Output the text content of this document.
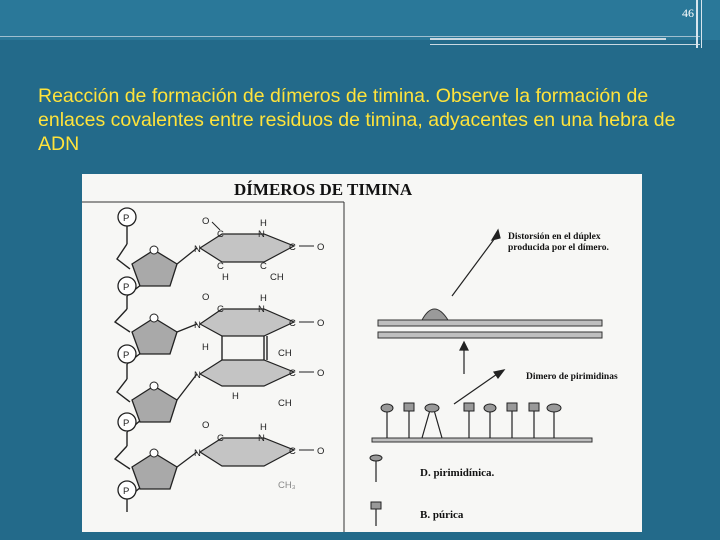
46
Reacción de formación de dímeros de timina. Observe la formación de enlaces covalentes entre residuos de timina, adyacentes en una hebra de ADN
DÍMEROS DE TIMINA
P
P
P
P
P
N
C	N
H
C O
O
C	C
CH
H
N
C	N
H
C O
O
H
CH
N	C O
H
CH
N
C	N
H
C O
O
CH₃
Distorsión en el dúplex
producida por el dímero.
Dimero de pirimidinas
D. pirimidínica.
B. púrica
